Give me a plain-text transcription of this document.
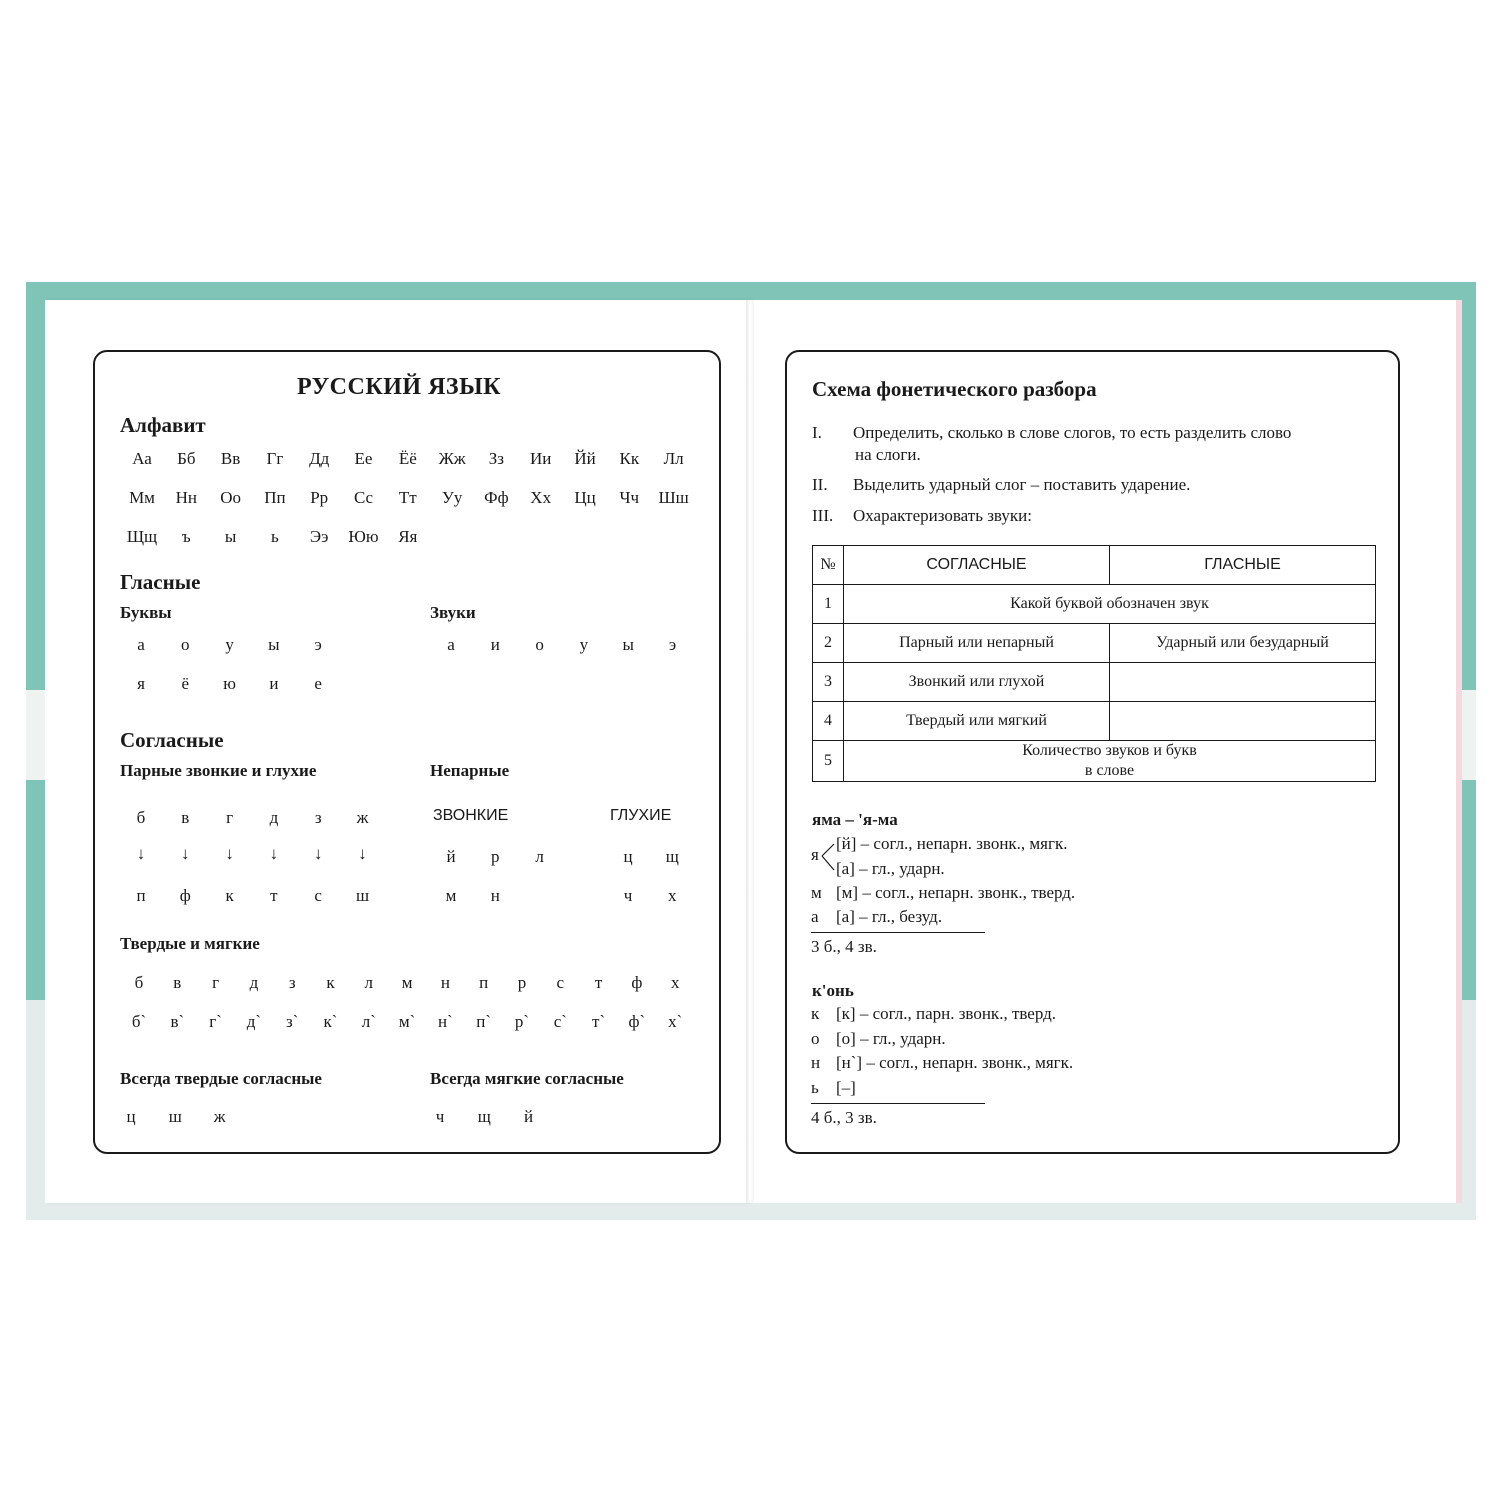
РУССКИЙ ЯЗЫК
Алфавит
Аа	Бб	Вв	Гг	Дд	Ее	Ёё	Жж	Зз	Ии	Йй	Кк	Лл
Мм	Нн	Оо	Пп	Рр	Сс	Тт	Уу	Фф	Хх	Цц	Чч	Шш
Щщ	ъ	ы	ь	Ээ	Юю	Яя
Гласные
Буквы	Звуки
а	о	у	ы	э
я	ё	ю	и	е
а	и	о	у	ы	э
Согласные
Парные звонкие и глухие	Непарные
ЗВОНКИЕ	ГЛУХИЕ
б	в	г	д	з	ж
↓	↓	↓	↓	↓	↓
п	ф	к	т	с	ш
й	р	л
м	н
ц	щ
ч	х
Твердые и мягкие
б	в	г	д	з	к	л	м	н	п	р	с	т	ф	х
б`	в`	г`	д`	з`	к`	л`	м`	н`	п`	р`	с`	т`	ф`	х`
Всегда твердые согласные	Всегда мягкие согласные
ц	ш	ж	ч	щ	й
Схема фонетического разбора
I. Определить, сколько в слове слогов, то есть разделить слово
на слоги.
II. Выделить ударный слог – поставить ударение.
III. Охарактеризовать звуки:
№	СОГЛАСНЫЕ	ГЛАСНЫЕ
1	Какой буквой обозначен звук	
2	Парный или непарный	Ударный или безударный
3	Звонкий или глухой	
4	Твердый или мягкий	
5	Количество звуков и букв
в слове	
яма – 'я-ма
я
[й] – согл., непарн. звонк., мягк.
[а] – гл., ударн.
м [м] – согл., непарн. звонк., тверд.
а [а] – гл., безуд.
3 б., 4 зв.
к'онь
к [к] – согл., парн. звонк., тверд.
о [о] – гл., ударн.
н [н`] – согл., непарн. звонк., мягк.
ь [–]
4 б., 3 зв.
